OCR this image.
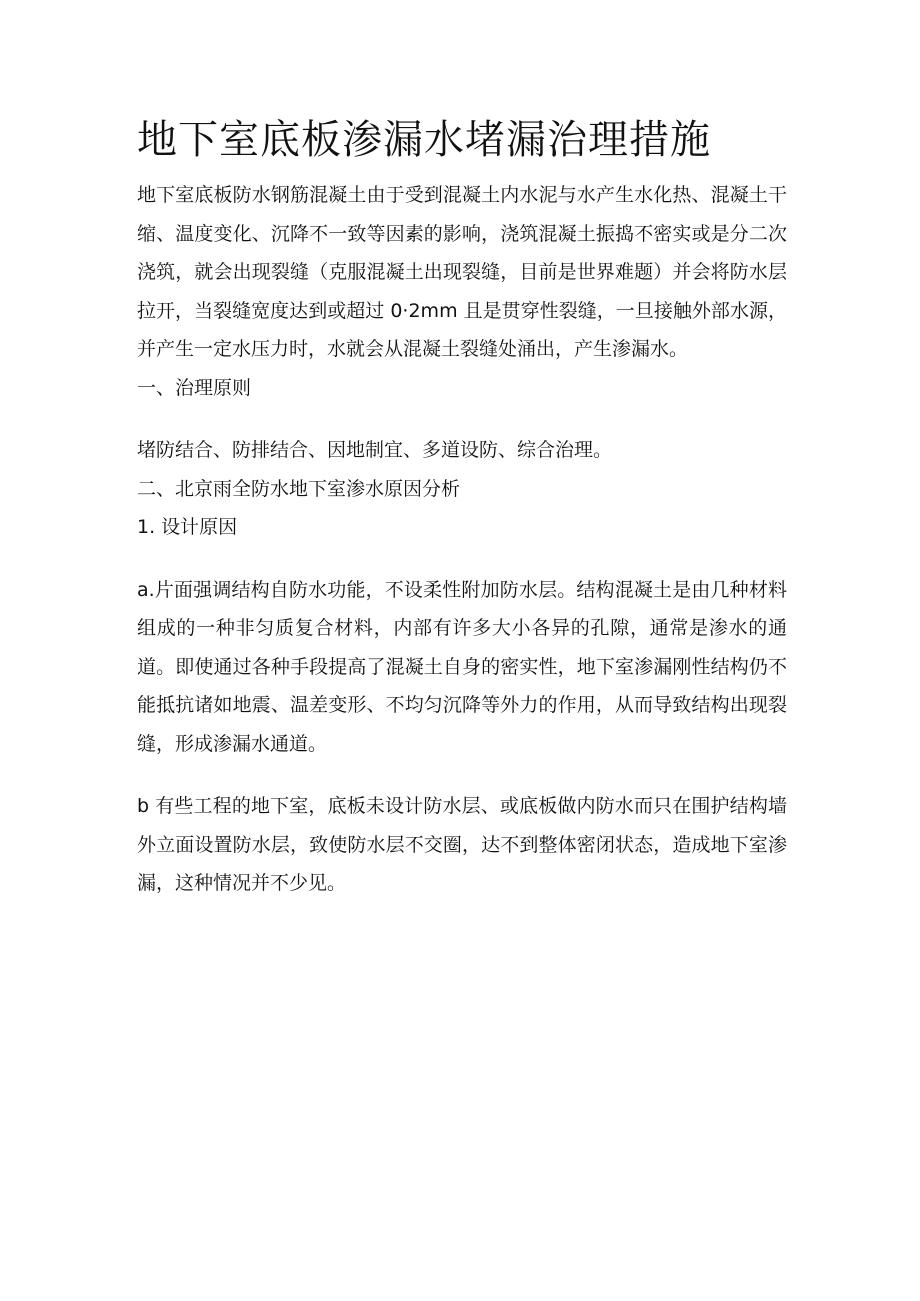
地下室底板渗漏水堵漏治理措施

地下室底板防水钢筋混凝土由于受到混凝土内水泥与水产生水化热、混凝土干缩、温度变化、沉降不一致等因素的影响，浇筑混凝土振捣不密实或是分二次浇筑，就会出现裂缝（克服混凝土出现裂缝，目前是世界难题）并会将防水层拉开，当裂缝宽度达到或超过 0·2mm 且是贯穿性裂缝，一旦接触外部水源，并产生一定水压力时，水就会从混凝土裂缝处涌出，产生渗漏水。

一、治理原则

堵防结合、防排结合、因地制宜、多道设防、综合治理。

二、北京雨全防水地下室渗水原因分析

1. 设计原因

a.片面强调结构自防水功能，不设柔性附加防水层。结构混凝土是由几种材料组成的一种非匀质复合材料，内部有许多大小各异的孔隙，通常是渗水的通道。即使通过各种手段提高了混凝土自身的密实性，地下室渗漏刚性结构仍不能抵抗诸如地震、温差变形、不均匀沉降等外力的作用，从而导致结构出现裂缝，形成渗漏水通道。

b 有些工程的地下室，底板未设计防水层、或底板做内防水而只在围护结构墙外立面设置防水层，致使防水层不交圈，达不到整体密闭状态，造成地下室渗漏，这种情况并不少见。
